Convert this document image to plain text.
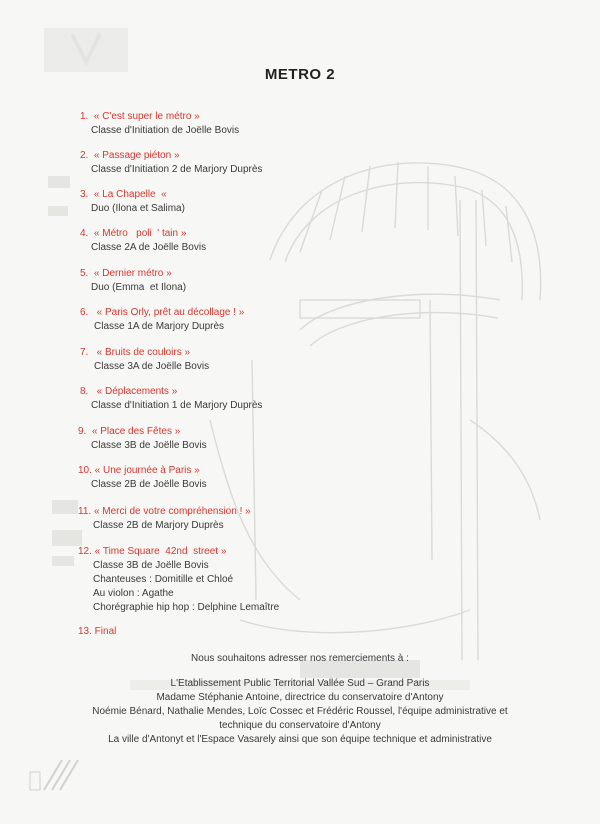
METRO 2
1.  « C'est super le métro »
Classe d'Initiation de Joëlle Bovis
2.  « Passage piéton »
Classe d'Initiation 2 de Marjory Duprès
3.  « La Chapelle  «
Duo (Ilona et Salima)
4.  « Métro   poli  ' tain »
Classe 2A de Joëlle Bovis
5.  « Dernier métro »
Duo (Emma  et Ilona)
6.   « Paris Orly, prêt au décollage ! »
Classe 1A de Marjory Duprès
7.   « Bruits de couloirs »
Classe 3A de Joëlle Bovis
8.   « Déplacements »
Classe d'Initiation 1 de Marjory Duprès
9.  « Place des Fêtes »
Classe 3B de Joëlle Bovis
10. « Une journée à Paris »
Classe 2B de Joëlle Bovis
11. « Merci de votre compréhension ! »
Classe 2B de Marjory Duprès
12. « Time Square  42nd  street »
Classe 3B de Joëlle Bovis
Chanteuses : Domitille et Chloé
Au violon : Agathe
Chorégraphie hip hop : Delphine Lemaître
13. Final
Nous souhaitons adresser nos remerciements à :
L'Etablissement Public Territorial Vallée Sud – Grand Paris
Madame Stéphanie Antoine, directrice du conservatoire d'Antony
Noémie Bénard, Nathalie Mendes, Loïc Cossec et Frédéric Roussel, l'équipe administrative et
technique du conservatoire d'Antony
La ville d'Antonyt et l'Espace Vasarely ainsi que son équipe technique et administrative
